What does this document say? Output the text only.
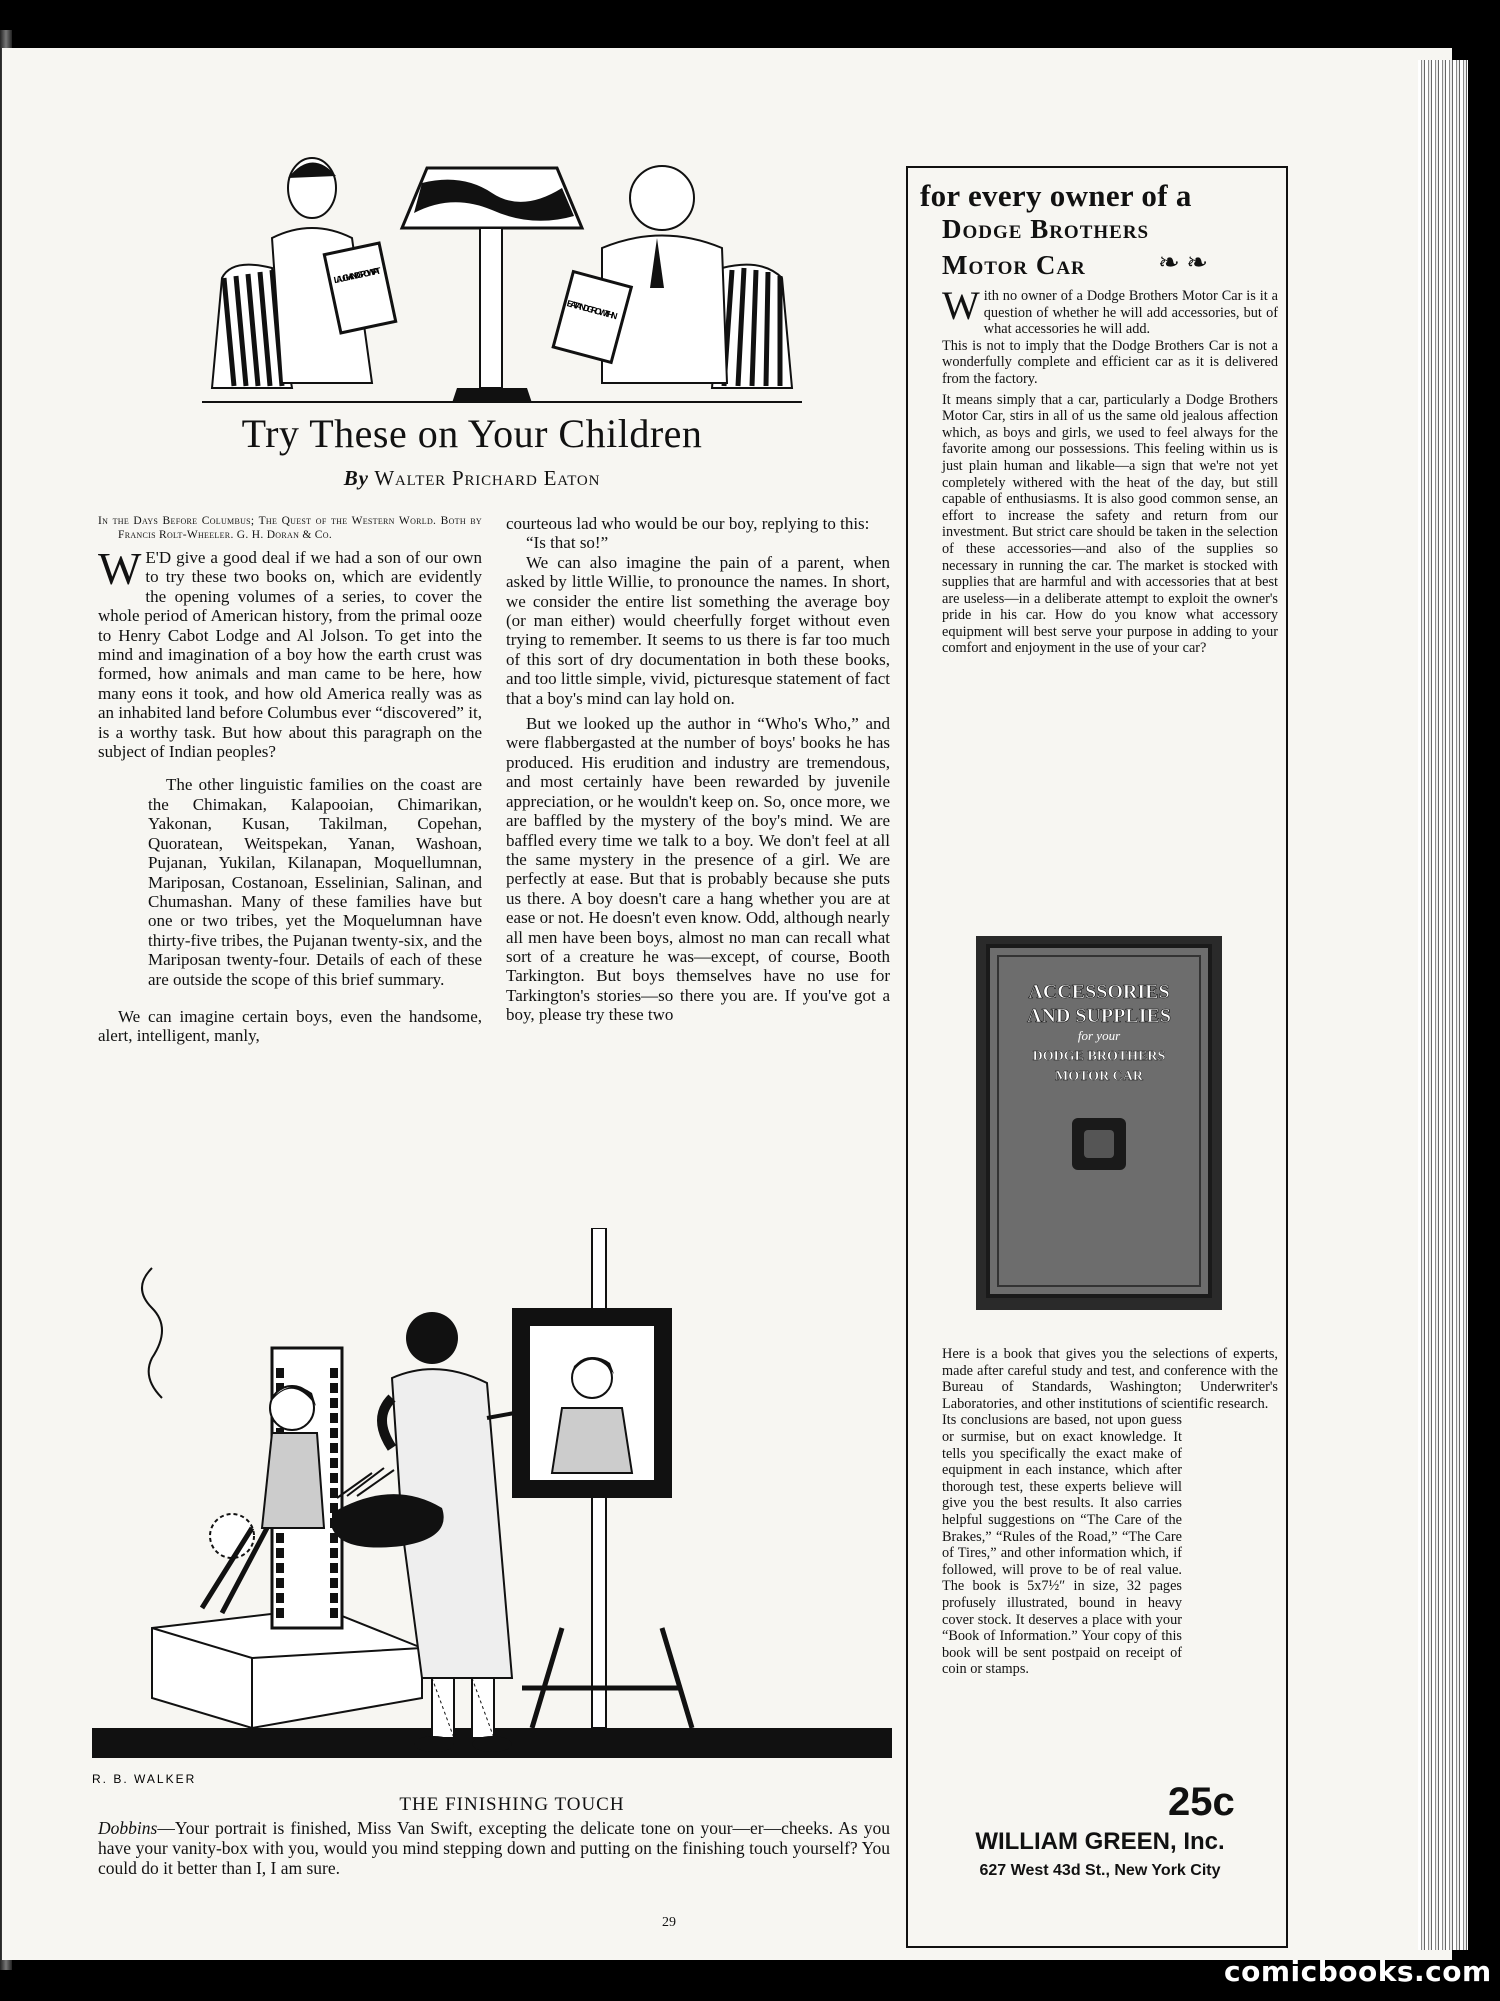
LAUGH AND GROW FAT
EAT AND GROW THIN
Try These on Your Children
By Walter Prichard Eaton

In the Days Before Columbus; The Quest of the Western World. Both by Francis Rolt-Wheeler. G. H. Doran & Co.

W E'D give a good deal if we had a son of our own to try these two books on, which are evidently the opening volumes of a series, to cover the whole period of American history, from the primal ooze to Henry Cabot Lodge and Al Jolson. To get into the mind and imagination of a boy how the earth crust was formed, how animals and man came to be here, how many eons it took, and how old America really was as an inhabited land before Columbus ever “discovered” it, is a worthy task. But how about this paragraph on the subject of Indian peoples?

The other linguistic families on the coast are the Chimakan, Kalapooian, Chimarikan, Yakonan, Kusan, Takilman, Copehan, Quoratean, Weitspekan, Yanan, Washoan, Pujanan, Yukilan, Kilanapan, Moquellumnan, Mariposan, Costanoan, Esselinian, Salinan, and Chumashan. Many of these families have but one or two tribes, yet the Moquelumnan have thirty-five tribes, the Pujanan twenty-six, and the Mariposan twenty-four. Details of each of these are outside the scope of this brief summary.

We can imagine certain boys, even the handsome, alert, intelligent, manly,

courteous lad who would be our boy, replying to this:

“Is that so!”

We can also imagine the pain of a parent, when asked by little Willie, to pronounce the names. In short, we consider the entire list something the average boy (or man either) would cheerfully forget without even trying to remember. It seems to us there is far too much of this sort of dry documentation in both these books, and too little simple, vivid, picturesque statement of fact that a boy's mind can lay hold on.

But we looked up the author in “Who's Who,” and were flabbergasted at the number of boys' books he has produced. His erudition and industry are tremendous, and most certainly have been rewarded by juvenile appreciation, or he wouldn't keep on. So, once more, we are baffled by the mystery of the boy's mind. We are baffled every time we talk to a boy. We don't feel at all the same mystery in the presence of a girl. We are perfectly at ease. But that is probably because she puts us there. A boy doesn't care a hang whether you are at ease or not. He doesn't even know. Odd, although nearly all men have been boys, almost no man can recall what sort of a creature he was—except, of course, Booth Tarkington. But boys themselves have no use for Tarkington's stories—so there you are. If you've got a boy, please try these two

R. B. WALKER
THE FINISHING TOUCH
Dobbins—Your portrait is finished, Miss Van Swift, excepting the delicate tone on your—er—cheeks. As you have your vanity-box with you, would you mind stepping down and putting on the finishing touch yourself? You could do it better than I, I am sure.
29
for every owner of a
Dodge Brothers
Motor Car	❧ ❧

With no owner of a Dodge Brothers Motor Car is it a question of whether he will add accessories, but of what accessories he will add.

This is not to imply that the Dodge Brothers Car is not a wonderfully complete and efficient car as it is delivered from the factory.

It means simply that a car, particularly a Dodge Brothers Motor Car, stirs in all of us the same old jealous affection which, as boys and girls, we used to feel always for the favorite among our possessions. This feeling within us is just plain human and likable—a sign that we're not yet completely withered with the heat of the day, but still capable of enthusiasms. It is also good common sense, an effort to increase the safety and return from our investment. But strict care should be taken in the selection of these accessories—and also of the supplies so necessary in running the car. The market is stocked with supplies that are harmful and with accessories that at best are useless—in a deliberate attempt to exploit the owner's pride in his car. How do you know what accessory equipment will best serve your purpose in adding to your comfort and enjoyment in the use of your car?

ACCESSORIES
AND SUPPLIES
for your
DODGE BROTHERS
MOTOR CAR

Here is a book that gives you the selections of experts, made after careful study and test, and conference with the Bureau of Standards, Washington; Underwriter's Laboratories, and other institutions of scientific research.

Its conclusions are based, not upon guess or surmise, but on exact knowledge. It tells you specifically the exact make of equipment in each instance, which after thorough test, these experts believe will give you the best results. It also carries helpful suggestions on “The Care of the Brakes,” “Rules of the Road,” “The Care of Tires,” and other information which, if followed, will prove to be of real value. The book is 5x7½″ in size, 32 pages profusely illustrated, bound in heavy cover stock. It deserves a place with your “Book of Information.” Your copy of this book will be sent postpaid on receipt of coin or stamps.

25c
WILLIAM GREEN, Inc.
627 West 43d St., New York City
comicbooks.com
